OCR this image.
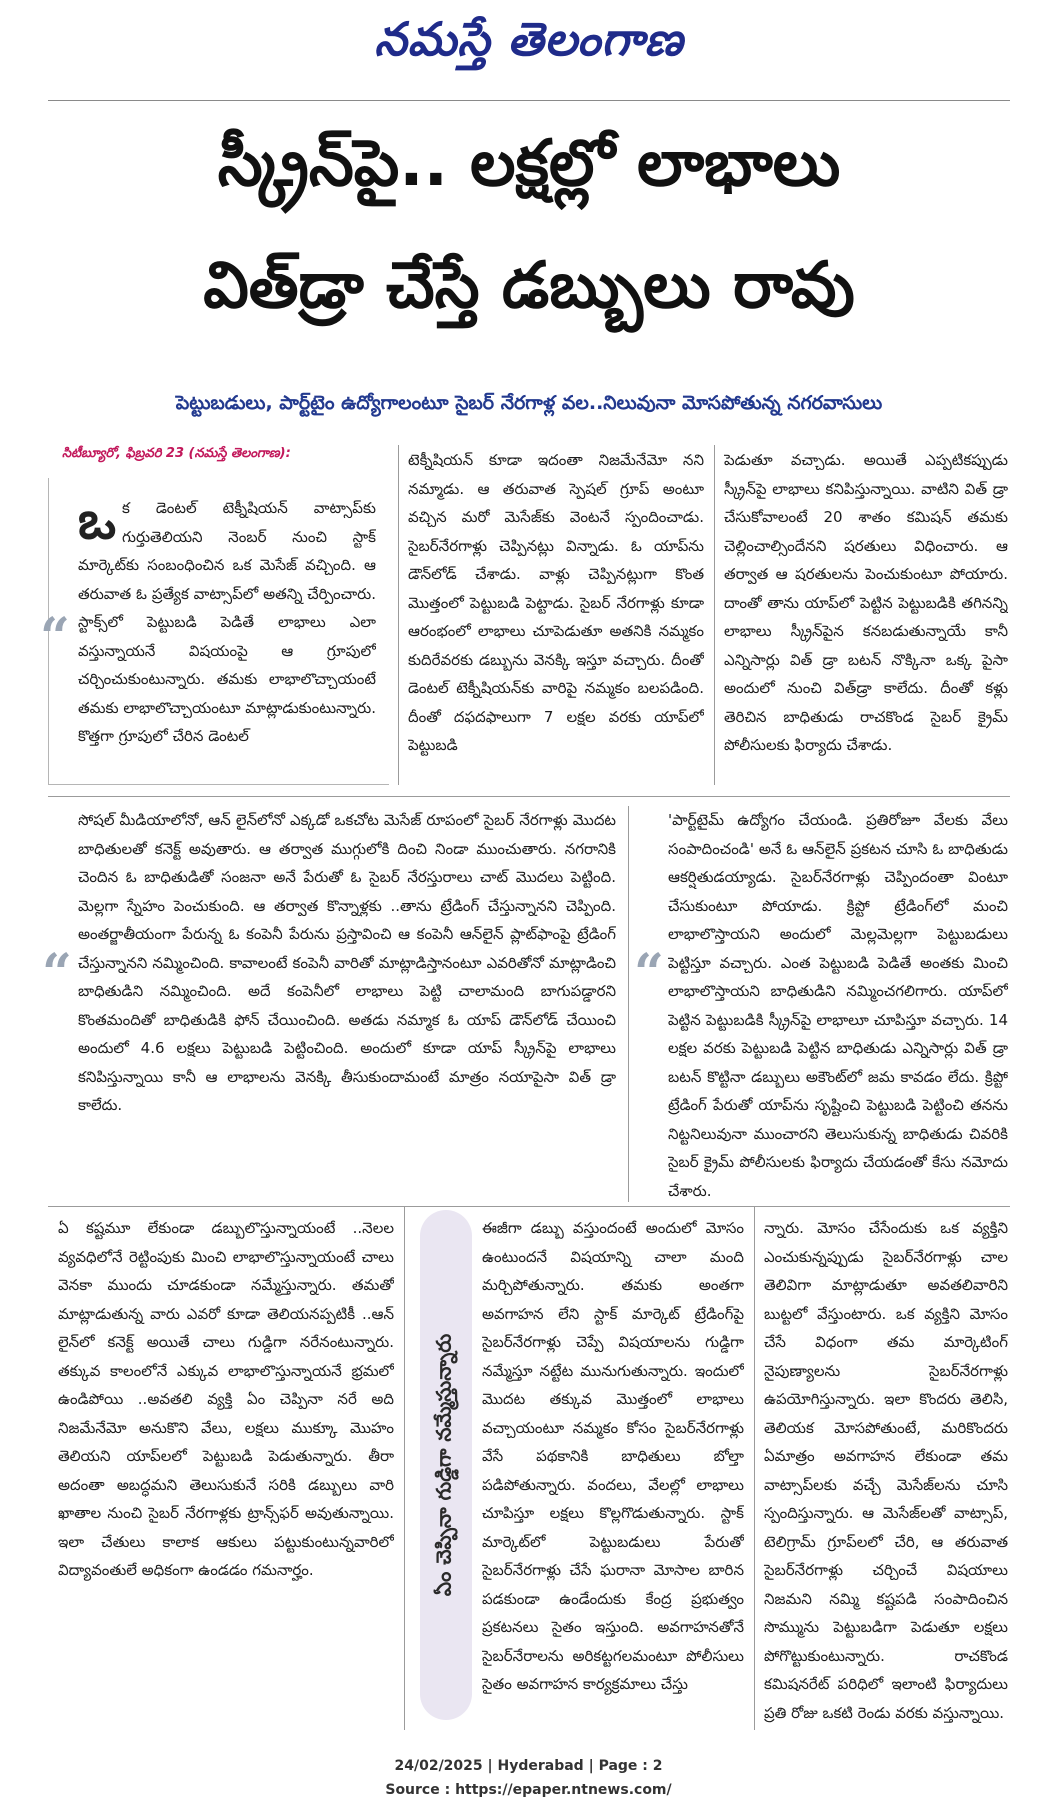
నమస్తే తెలంగాణ
స్క్రీన్‌పై.. లక్షల్లో లాభాలు
విత్‌డ్రా చేస్తే డబ్బులు రావు
పెట్టుబడులు, పార్ట్‌టైం ఉద్యోగాలంటూ సైబర్ నేరగాళ్ల వల..నిలువునా మోసపోతున్న నగరవాసులు
సిటీబ్యూరో, ఫిబ్రవరి 23 (నమస్తే తెలంగాణ):
“
ఒక డెంటల్ టెక్నీషియన్ వాట్సాప్‌కు గుర్తుతెలియని నెంబర్ నుంచి స్టాక్ మార్కెట్‌కు సంబంధించిన ఒక మెసేజ్ వచ్చింది. ఆ తరువాత ఓ ప్రత్యేక వాట్సాప్‌లో అతన్ని చేర్పించారు. స్టాక్స్‌లో పెట్టుబడి పెడితే లాభాలు ఎలా వస్తున్నాయనే విషయంపై ఆ గ్రూపులో చర్చించుకుంటున్నారు. తమకు లాభాలొచ్చాయంటే తమకు లాభాలొచ్చాయంటూ మాట్లాడుకుంటున్నారు. కొత్తగా గ్రూపులో చేరిన డెంటల్
టెక్నీషియన్ కూడా ఇదంతా నిజమేనేమో నని నమ్మాడు. ఆ తరువాత స్పెషల్ గ్రూప్ అంటూ వచ్చిన మరో మెసేజ్‌కు వెంటనే స్పందించాడు. సైబర్‌నేరగాళ్లు చెప్పినట్లు విన్నాడు. ఓ యాప్‌ను డౌన్‌లోడ్ చేశాడు. వాళ్లు చెప్పినట్లుగా కొంత మొత్తంలో పెట్టుబడి పెట్టాడు. సైబర్ నేరగాళ్లు కూడా ఆరంభంలో లాభాలు చూపెడుతూ అతనికి నమ్మకం కుదిరేవరకు డబ్బును వెనక్కి ఇస్తూ వచ్చారు. దీంతో డెంటల్ టెక్నీషియన్‌కు వారిపై నమ్మకం బలపడింది. దీంతో దఫదఫాలుగా 7 లక్షల వరకు యాప్‌లో పెట్టుబడి
పెడుతూ వచ్చాడు. అయితే ఎప్పటికప్పుడు స్క్రీన్‌పై లాభాలు కనిపిస్తున్నాయి. వాటిని విత్ డ్రా చేసుకోవాలంటే 20 శాతం కమిషన్ తమకు చెల్లించాల్సిందేనని షరతులు విధించారు. ఆ తర్వాత ఆ షరతులను పెంచుకుంటూ పోయారు. దాంతో తాను యాప్‌లో పెట్టిన పెట్టుబడికి తగినన్ని లాభాలు స్క్రీన్‌పైన కనబడుతున్నాయే కానీ ఎన్నిసార్లు విత్ డ్రా బటన్ నొక్కినా ఒక్క పైసా అందులో నుంచి విత్‌డ్రా కాలేదు. దీంతో కళ్లు తెరిచిన బాధితుడు రాచకొండ సైబర్ క్రైమ్ పోలీసులకు ఫిర్యాదు చేశాడు.
“
సోషల్ మీడియాలోనో, ఆన్ లైన్‌లోనో ఎక్కడో ఒకచోట మెసేజ్ రూపంలో సైబర్ నేరగాళ్లు మొదట బాధితులతో కనెక్ట్ అవుతారు. ఆ తర్వాత ముగ్గులోకి దించి నిండా ముంచుతారు. నగరానికి చెందిన ఓ బాధితుడితో సంజనా అనే పేరుతో ఓ సైబర్ నేరస్తురాలు చాట్ మొదలు పెట్టింది. మెల్లగా స్నేహం పెంచుకుంది. ఆ తర్వాత కొన్నాళ్లకు ..తాను ట్రేడింగ్ చేస్తున్నానని చెప్పింది. అంతర్జాతీయంగా పేరున్న ఓ కంపెనీ పేరును ప్రస్తావించి ఆ కంపెనీ ఆన్‌లైన్ ప్లాట్‌ఫాంపై ట్రేడింగ్ చేస్తున్నానని నమ్మించింది. కావాలంటే కంపెనీ వారితో మాట్లాడిస్తానంటూ ఎవరితోనో మాట్లాడించి బాధితుడిని నమ్మించింది. అదే కంపెనీలో లాభాలు పెట్టి చాలామంది బాగుపడ్డారని కొంతమందితో బాధితుడికి ఫోన్ చేయించింది. అతడు నమ్మాక ఓ యాప్ డౌన్‌లోడ్ చేయించి అందులో 4.6 లక్షలు పెట్టుబడి పెట్టించింది. అందులో కూడా యాప్ స్క్రీన్‌పై లాభాలు కనిపిస్తున్నాయి కానీ ఆ లాభాలను వెనక్కి తీసుకుందామంటే మాత్రం నయాపైసా విత్ డ్రా కాలేదు.
“
'పార్ట్‌టైమ్ ఉద్యోగం చేయండి. ప్రతిరోజూ వేలకు వేలు సంపాదించండి' అనే ఓ ఆన్‌లైన్ ప్రకటన చూసి ఓ బాధితుడు ఆకర్షితుడయ్యాడు. సైబర్‌నేరగాళ్లు చెప్పిందంతా వింటూ చేసుకుంటూ పోయాడు. క్రిప్టో ట్రేడింగ్‌లో మంచి లాభాలొస్తాయని అందులో మెల్లమెల్లగా పెట్టుబడులు పెట్టిస్తూ వచ్చారు. ఎంత పెట్టుబడి పెడితే అంతకు మించి లాభాలొస్తాయని బాధితుడిని నమ్మించగలిగారు. యాప్‌లో పెట్టిన పెట్టుబడికి స్క్రీన్‌పై లాభాలూ చూపిస్తూ వచ్చారు. 14 లక్షల వరకు పెట్టుబడి పెట్టిన బాధితుడు ఎన్నిసార్లు విత్ డ్రా బటన్ కొట్టినా డబ్బులు అకౌంట్‌లో జమ కావడం లేదు. క్రిప్టో ట్రేడింగ్ పేరుతో యాప్‌ను సృష్టించి పెట్టుబడి పెట్టించి తనను నిట్టనిలువునా ముంచారని తెలుసుకున్న బాధితుడు చివరికి సైబర్ క్రైమ్ పోలీసులకు ఫిర్యాదు చేయడంతో కేసు నమోదు చేశారు.
ఏ కష్టమూ లేకుండా డబ్బులొస్తున్నాయంటే ..నెలల వ్యవధిలోనే రెట్టింపుకు మించి లాభాలొస్తున్నాయంటే చాలు వెనకా ముందు చూడకుండా నమ్మేస్తున్నారు. తమతో మాట్లాడుతున్న వారు ఎవరో కూడా తెలియనప్పటికీ ..ఆన్ లైన్‌లో కనెక్ట్ అయితే చాలు గుడ్డిగా నరేనంటున్నారు. తక్కువ కాలంలోనే ఎక్కువ లాభాలొస్తున్నాయనే భ్రమలో ఉండిపోయి ..అవతలి వ్యక్తి ఏం చెప్పినా నరే అది నిజమేనేమో అనుకొని వేలు, లక్షలు ముక్కూ మొహం తెలియని యాప్‌లలో పెట్టుబడి పెడుతున్నారు. తీరా అదంతా అబద్ధమని తెలుసుకునే సరికి డబ్బులు వారి ఖాతాల నుంచి సైబర్ నేరగాళ్లకు ట్రాన్స్‌ఫర్ అవుతున్నాయి. ఇలా చేతులు కాలాక ఆకులు పట్టుకుంటున్నవారిలో విద్యావంతులే అధికంగా ఉండడం గమనార్హం.	ఏం చెప్పినా గుడ్డిగా నమ్మేస్తున్నారు
ఈజీగా డబ్బు వస్తుందంటే అందులో మోసం ఉంటుందనే విషయాన్ని చాలా మంది మర్చిపోతున్నారు. తమకు అంతగా అవగాహన లేని స్టాక్ మార్కెట్ ట్రేడింగ్‌పై సైబర్‌నేరగాళ్లు చెప్పే విషయాలను గుడ్డిగా నమ్మేస్తూ నట్టేట మునుగుతున్నారు. ఇందులో మొదట తక్కువ మొత్తంలో లాభాలు వచ్చాయంటూ నమ్మకం కోసం సైబర్‌నేరగాళ్లు వేసే పథకానికి బాధితులు బోల్తా పడిపోతున్నారు. వందలు, వేలల్లో లాభాలు చూపిస్తూ లక్షలు కొల్లగొడుతున్నారు. స్టాక్ మార్కెట్‌లో పెట్టుబడులు పేరుతో సైబర్‌నేరగాళ్లు చేసే ఘరానా మోసాల బారిన పడకుండా ఉండేందుకు కేంద్ర ప్రభుత్వం ప్రకటనలు సైతం ఇస్తుంది. అవగాహనతోనే సైబర్‌నేరాలను అరికట్టగలమంటూ పోలీసులు సైతం అవగాహన కార్యక్రమాలు చేస్తు
న్నారు. మోసం చేసేందుకు ఒక వ్యక్తిని ఎంచుకున్నప్పుడు సైబర్‌నేరగాళ్లు చాల తెలివిగా మాట్లాడుతూ అవతలివారిని బుట్టలో వేస్తుంటారు. ఒక వ్యక్తిని మోసం చేసే విధంగా తమ మార్కెటింగ్ నైపుణ్యాలను సైబర్‌నేరగాళ్లు ఉపయోగిస్తున్నారు. ఇలా కొందరు తెలిసి, తెలియక మోసపోతుంటే, మరికొందరు ఏమాత్రం అవగాహన లేకుండా తమ వాట్సాప్‌లకు వచ్చే మెసేజ్‌లను చూసి స్పందిస్తున్నారు. ఆ మెసేజ్‌లతో వాట్సాప్, టెలిగ్రామ్ గ్రూప్‌లలో చేరి, ఆ తరువాత సైబర్‌నేరగాళ్లు చర్చించే విషయాలు నిజమని నమ్మి కష్టపడి సంపాదించిన సొమ్మును పెట్టుబడిగా పెడుతూ లక్షలు పోగొట్టుకుంటున్నారు. రాచకొండ కమిషనరేట్ పరిధిలో ఇలాంటి ఫిర్యాదులు ప్రతి రోజు ఒకటి రెండు వరకు వస్తున్నాయి.
24/02/2025 | Hyderabad | Page : 2
Source : https://epaper.ntnews.com/
